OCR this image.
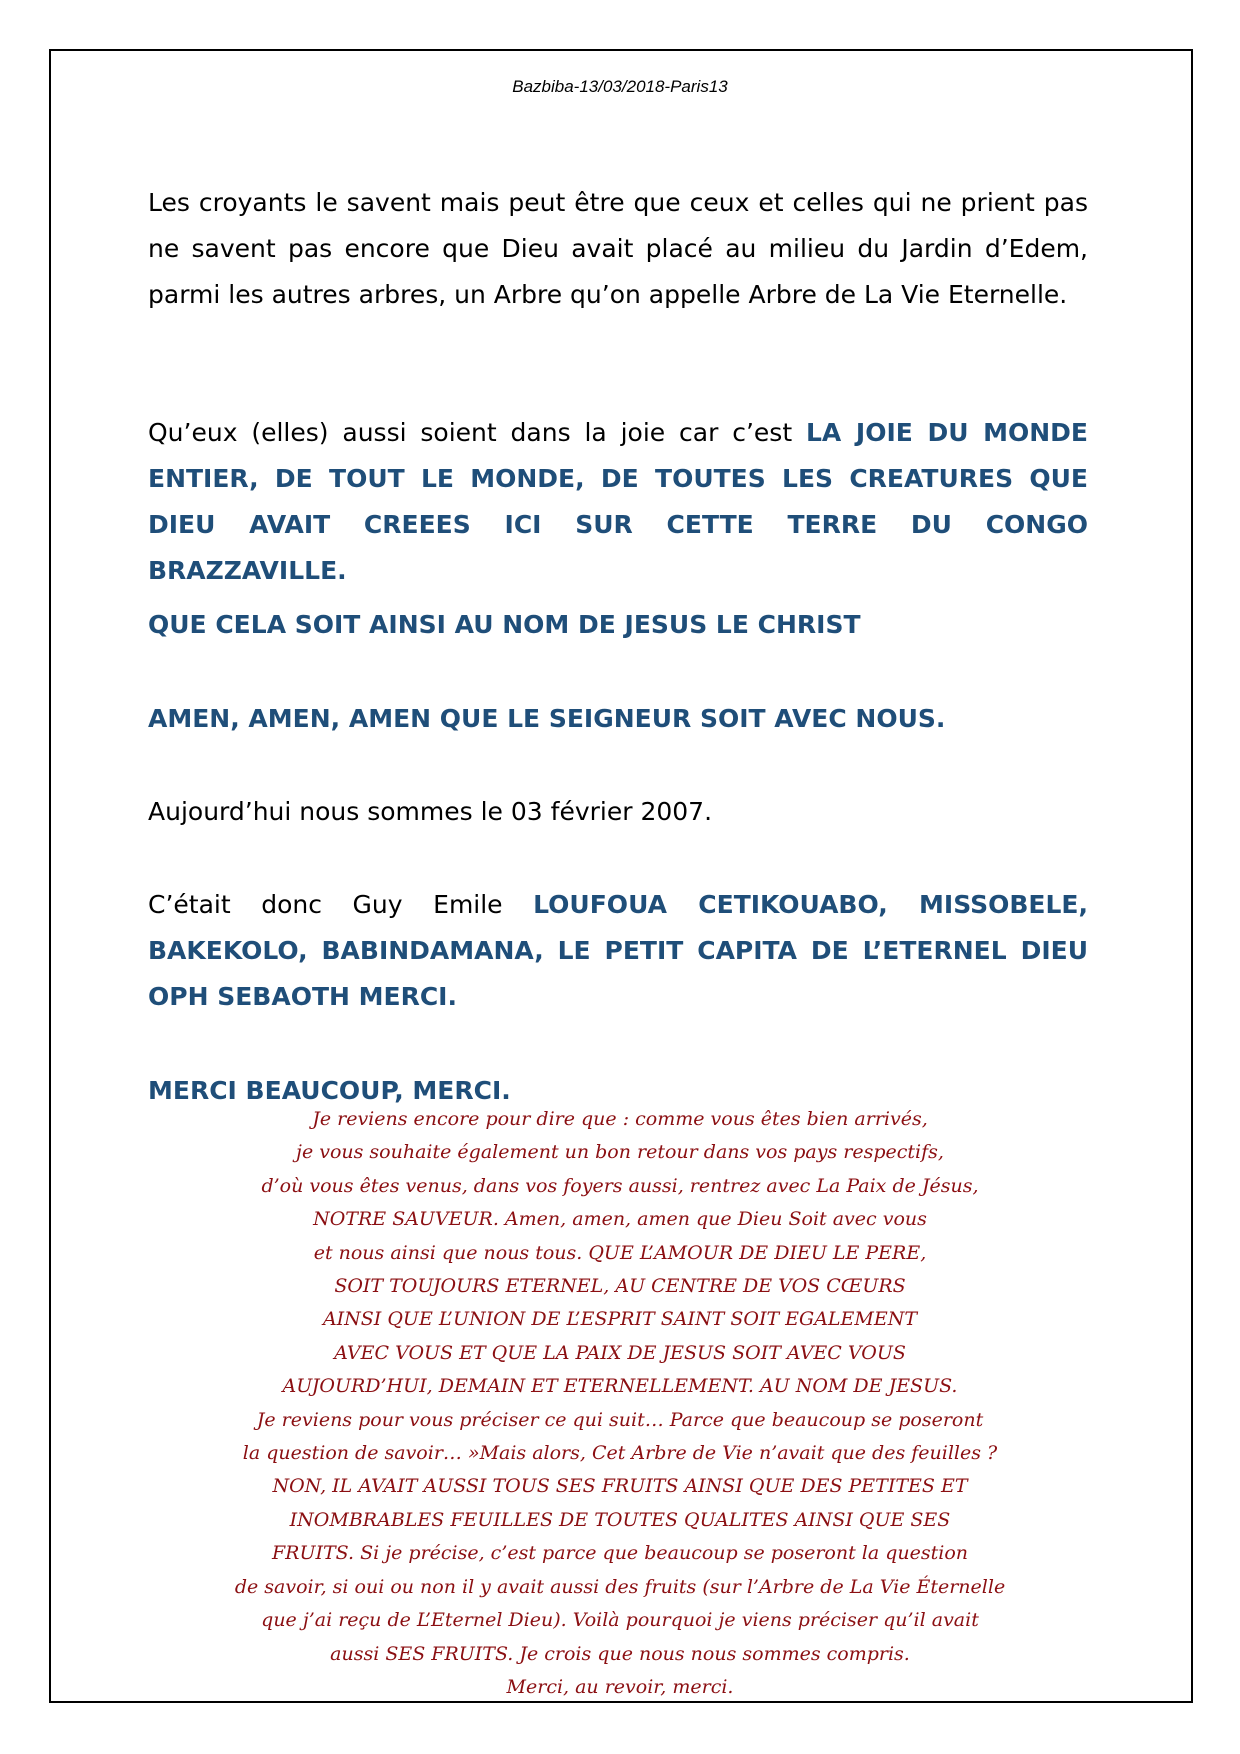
Bazbiba-13/03/2018-Paris13

Les croyants le savent mais peut être que ceux et celles qui ne prient pas ne savent pas encore que Dieu avait placé au milieu du Jardin d’Edem, parmi les autres arbres, un Arbre qu’on appelle Arbre de La Vie Eternelle.

Qu’eux (elles) aussi soient dans la joie car c’est LA JOIE DU MONDE ENTIER, DE TOUT LE MONDE, DE TOUTES LES CREATURES QUE DIEU AVAIT CREEES ICI SUR CETTE TERRE DU CONGO BRAZZAVILLE.

QUE CELA SOIT AINSI AU NOM DE JESUS LE CHRIST

AMEN, AMEN, AMEN QUE LE SEIGNEUR SOIT AVEC NOUS.

Aujourd’hui nous sommes le 03 février 2007.

C’était donc Guy Emile LOUFOUA CETIKOUABO, MISSOBELE, BAKEKOLO, BABINDAMANA, LE PETIT CAPITA DE L’ETERNEL DIEU OPH SEBAOTH MERCI.

MERCI BEAUCOUP, MERCI.

Je reviens encore pour dire que : comme vous êtes bien arrivés,
je vous souhaite également un bon retour dans vos pays respectifs,
d’où vous êtes venus, dans vos foyers aussi, rentrez avec La Paix de Jésus,
NOTRE SAUVEUR. Amen, amen, amen que Dieu Soit avec vous
et nous ainsi que nous tous. QUE L’AMOUR DE DIEU LE PERE,
SOIT TOUJOURS ETERNEL, AU CENTRE DE VOS CŒURS
AINSI QUE L’UNION DE L’ESPRIT SAINT SOIT EGALEMENT
AVEC VOUS ET QUE LA PAIX DE JESUS SOIT AVEC VOUS
AUJOURD’HUI, DEMAIN ET ETERNELLEMENT. AU NOM DE JESUS.
Je reviens pour vous préciser ce qui suit… Parce que beaucoup se poseront
la question de savoir… »Mais alors, Cet Arbre de Vie n’avait que des feuilles ?
NON, IL AVAIT AUSSI TOUS SES FRUITS AINSI QUE DES PETITES ET
INOMBRABLES FEUILLES DE TOUTES QUALITES AINSI QUE SES
FRUITS. Si je précise, c’est parce que beaucoup se poseront la question
de savoir, si oui ou non il y avait aussi des fruits (sur l’Arbre de La Vie Éternelle
que j’ai reçu de L’Eternel Dieu). Voilà pourquoi je viens préciser qu’il avait
aussi SES FRUITS. Je crois que nous nous sommes compris.
Merci, au revoir, merci.
